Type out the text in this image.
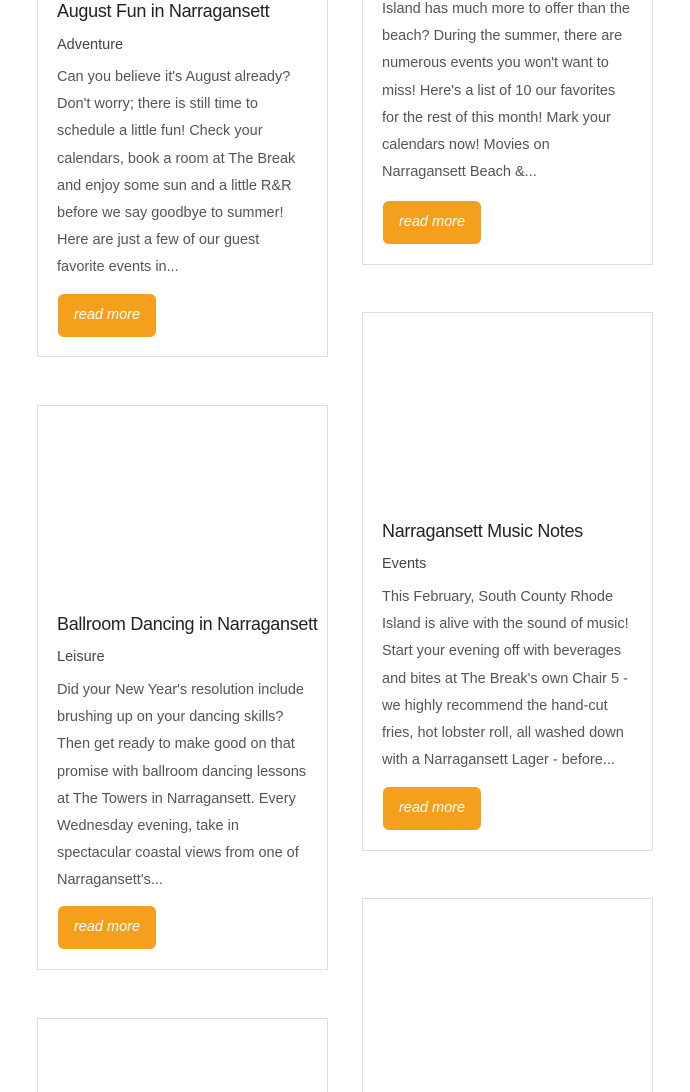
August Fun in Narragansett

Adventure

Can you believe it's August already? Don't worry; there is still time to schedule a little fun! Check your calendars, book a room at The Break and enjoy some sun and a little R&R before we say goodbye to summer! Here are just a few of our guest favorite events in...

read more

Island has much more to offer than the beach? During the summer, there are numerous events you won't want to miss! Here's a list of 10 our favorites for the rest of this month! Mark your calendars now! Movies on Narragansett Beach &...

read more
Ballroom Dancing in Narragansett

Leisure

Did your New Year's resolution include brushing up on your dancing skills? Then get ready to make good on that promise with ballroom dancing lessons at The Towers in Narragansett. Every Wednesday evening, take in spectacular coastal views from one of Narragansett's...

read more
Narragansett Music Notes

Events

This February, South County Rhode Island is alive with the sound of music! Start your evening off with beverages and bites at The Break's own Chair 5 - we highly recommend the hand-cut fries, hot lobster roll, all washed down with a Narragansett Lager - before...

read more
